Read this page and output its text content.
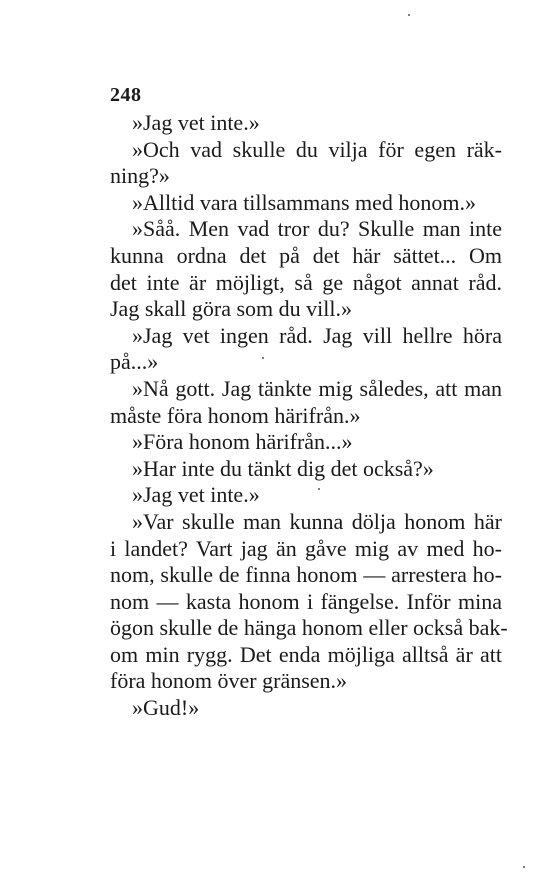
248
»Jag vet inte.»
»Och vad skulle du vilja för egen räk-
ning?»
»Alltid vara tillsammans med honom.»
»Såå. Men vad tror du? Skulle man inte
kunna ordna det på det här sättet... Om
det inte är möjligt, så ge något annat råd.
Jag skall göra som du vill.»
»Jag vet ingen råd. Jag vill hellre höra
på...»
»Nå gott. Jag tänkte mig således, att man
måste föra honom härifrån.»
»Föra honom härifrån...»
»Har inte du tänkt dig det också?»
»Jag vet inte.»
»Var skulle man kunna dölja honom här
i landet? Vart jag än gåve mig av med ho-
nom, skulle de finna honom — arrestera ho-
nom — kasta honom i fängelse. Inför mina
ögon skulle de hänga honom eller också bak-
om min rygg. Det enda möjliga alltså är att
föra honom över gränsen.»
»Gud!»
